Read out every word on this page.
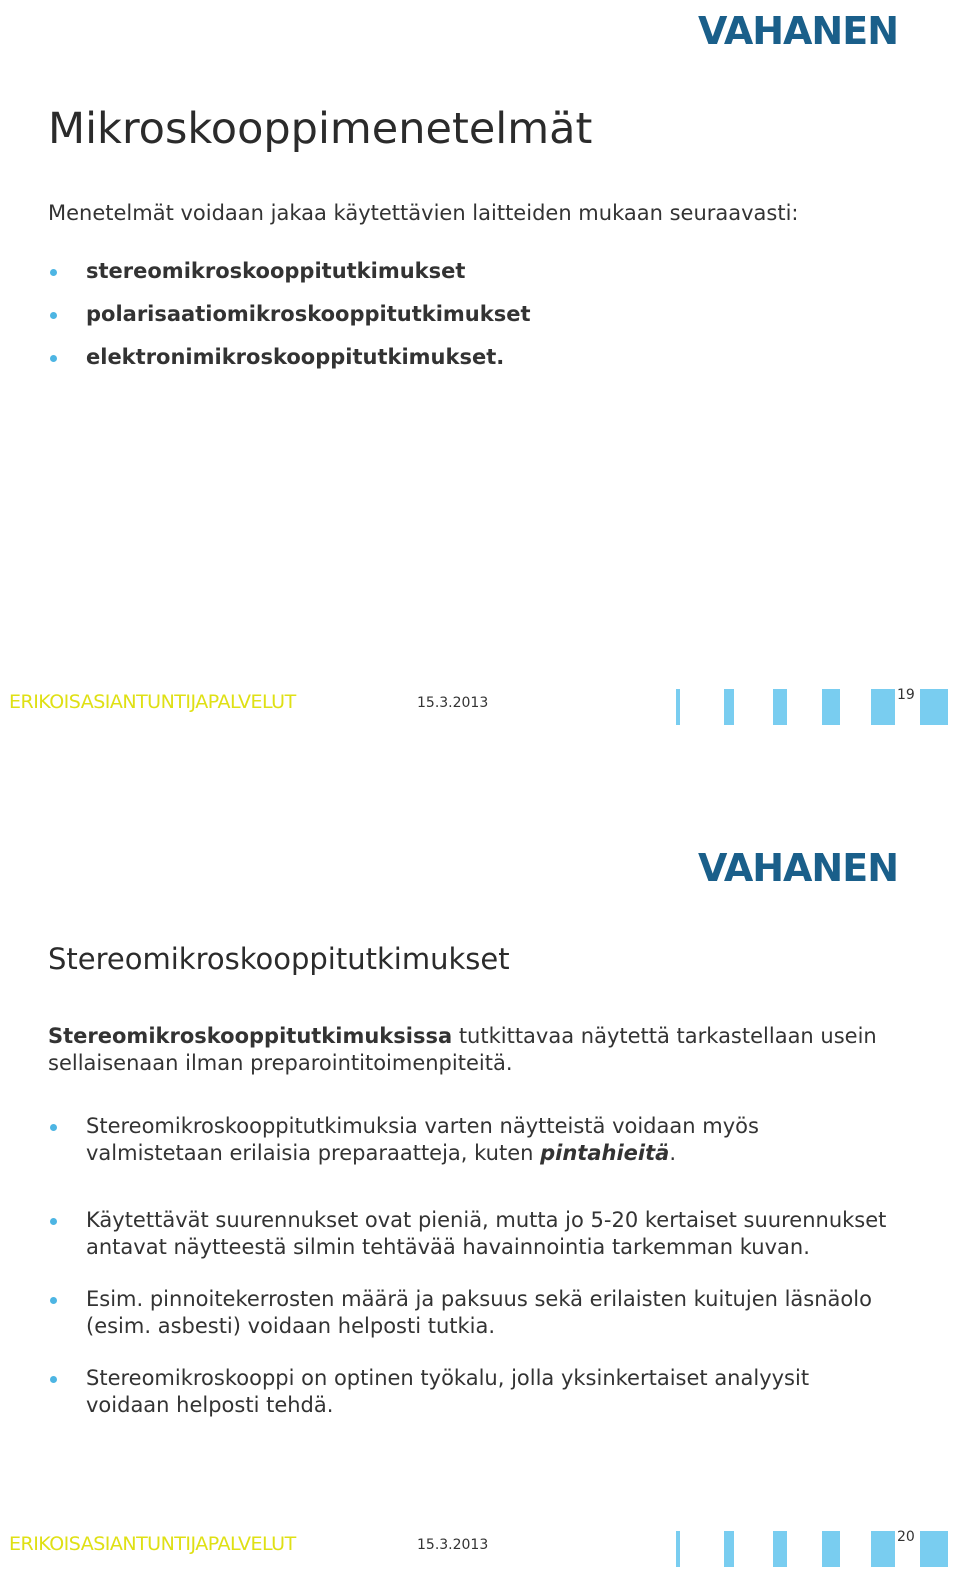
VAHANEN
Mikroskooppimenetelmät
Menetelmät voidaan jakaa käytettävien laitteiden mukaan seuraavasti:
stereomikroskooppitutkimukset
polarisaatiomikroskooppitutkimukset
elektronimikroskooppitutkimukset.
ERIKOISASIANTUNTIJAPALVELUT	15.3.2013	19
VAHANEN
Stereomikroskooppitutkimukset
Stereomikroskooppitutkimuksissa tutkittavaa näytettä tarkastellaan usein sellaisenaan ilman preparointitoimenpiteitä.
Stereomikroskooppitutkimuksia varten näytteistä voidaan myös valmistetaan erilaisia preparaatteja, kuten pintahieitä.
Käytettävät suurennukset ovat pieniä, mutta jo 5-20 kertaiset suurennukset antavat näytteestä silmin tehtävää havainnointia tarkemman kuvan.
Esim. pinnoitekerrosten määrä ja paksuus sekä erilaisten kuitujen läsnäolo (esim. asbesti) voidaan helposti tutkia.
Stereomikroskooppi on optinen työkalu, jolla yksinkertaiset analyysit voidaan helposti tehdä.
ERIKOISASIANTUNTIJAPALVELUT	15.3.2013	20
